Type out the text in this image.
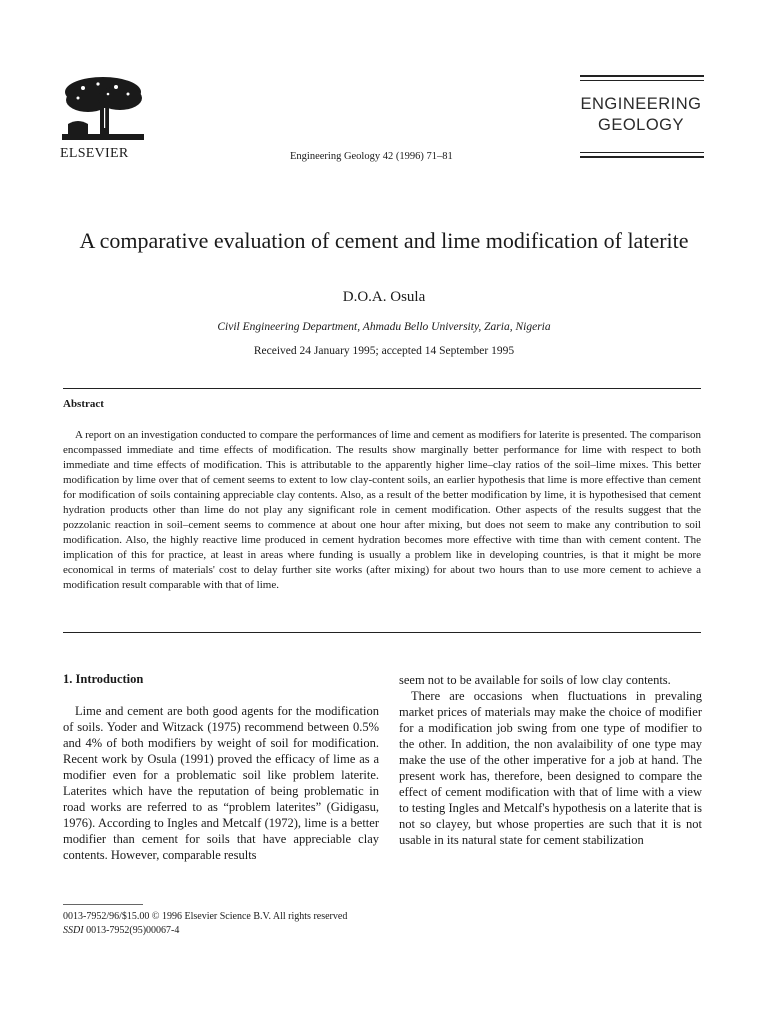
ELSEVIER	Engineering Geology 42 (1996) 71–81
ENGINEERING
GEOLOGY
A comparative evaluation of cement and lime modification of laterite
D.O.A. Osula
Civil Engineering Department, Ahmadu Bello University, Zaria, Nigeria
Received 24 January 1995; accepted 14 September 1995
Abstract

A report on an investigation conducted to compare the performances of lime and cement as modifiers for laterite is presented. The comparison encompassed immediate and time effects of modification. The results show marginally better performance for lime with respect to both immediate and time effects of modification. This is attributable to the apparently higher lime–clay ratios of the soil–lime mixes. This better modification by lime over that of cement seems to extent to low clay-content soils, an earlier hypothesis that lime is more effective than cement for modification of soils containing appreciable clay contents. Also, as a result of the better modification by lime, it is hypothesised that cement hydration products other than lime do not play any significant role in cement modification. Other aspects of the results suggest that the pozzolanic reaction in soil–cement seems to commence at about one hour after mixing, but does not seem to make any contribution to soil modification. Also, the highly reactive lime produced in cement hydration becomes more effective with time than with cement content. The implication of this for practice, at least in areas where funding is usually a problem like in developing countries, is that it might be more economical in terms of materials' cost to delay further site works (after mixing) for about two hours than to use more cement to achieve a modification result comparable with that of lime.

1. Introduction

Lime and cement are both good agents for the modification of soils. Yoder and Witzack (1975) recommend between 0.5% and 4% of both modifiers by weight of soil for modification. Recent work by Osula (1991) proved the efficacy of lime as a modifier even for a problematic soil like problem laterite. Laterites which have the reputation of being problematic in road works are referred to as “problem laterites” (Gidigasu, 1976). According to Ingles and Metcalf (1972), lime is a better modifier than cement for soils that have appreciable clay contents. However, comparable results

seem not to be available for soils of low clay contents.

There are occasions when fluctuations in prevaling market prices of materials may make the choice of modifier for a modification job swing from one type of modifier to the other. In addition, the non avalaibility of one type may make the use of the other imperative for a job at hand. The present work has, therefore, been designed to compare the effect of cement modification with that of lime with a view to testing Ingles and Metcalf's hypothesis on a laterite that is not so clayey, but whose properties are such that it is not usable in its natural state for cement stabilization

0013-7952/96/$15.00 © 1996 Elsevier Science B.V. All rights reserved
SSDI 0013-7952(95)00067-4
